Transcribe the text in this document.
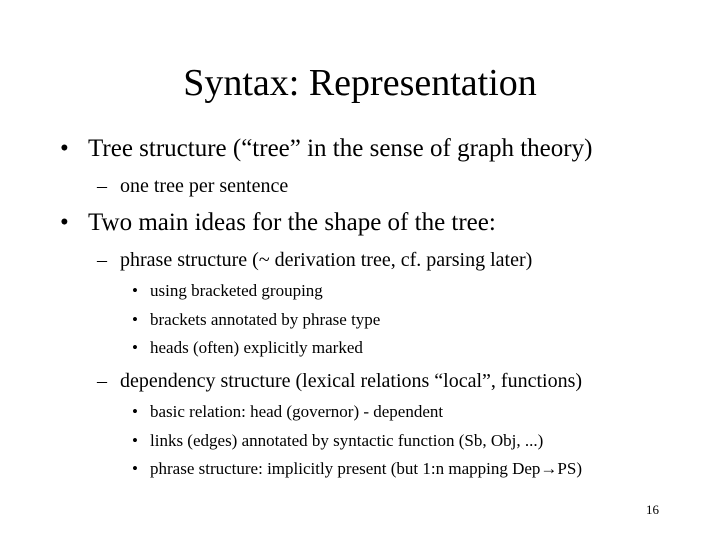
Syntax: Representation
• Tree structure (“tree” in the sense of graph theory)
– one tree per sentence
• Two main ideas for the shape of the tree:
– phrase structure (~ derivation tree, cf. parsing later)
• using bracketed grouping
• brackets annotated by phrase type
• heads (often) explicitly marked
– dependency structure (lexical relations “local”, functions)
• basic relation: head (governor) - dependent
• links (edges) annotated by syntactic function (Sb, Obj, ...)
• phrase structure: implicitly present (but 1:n mapping Dep→PS)
16
